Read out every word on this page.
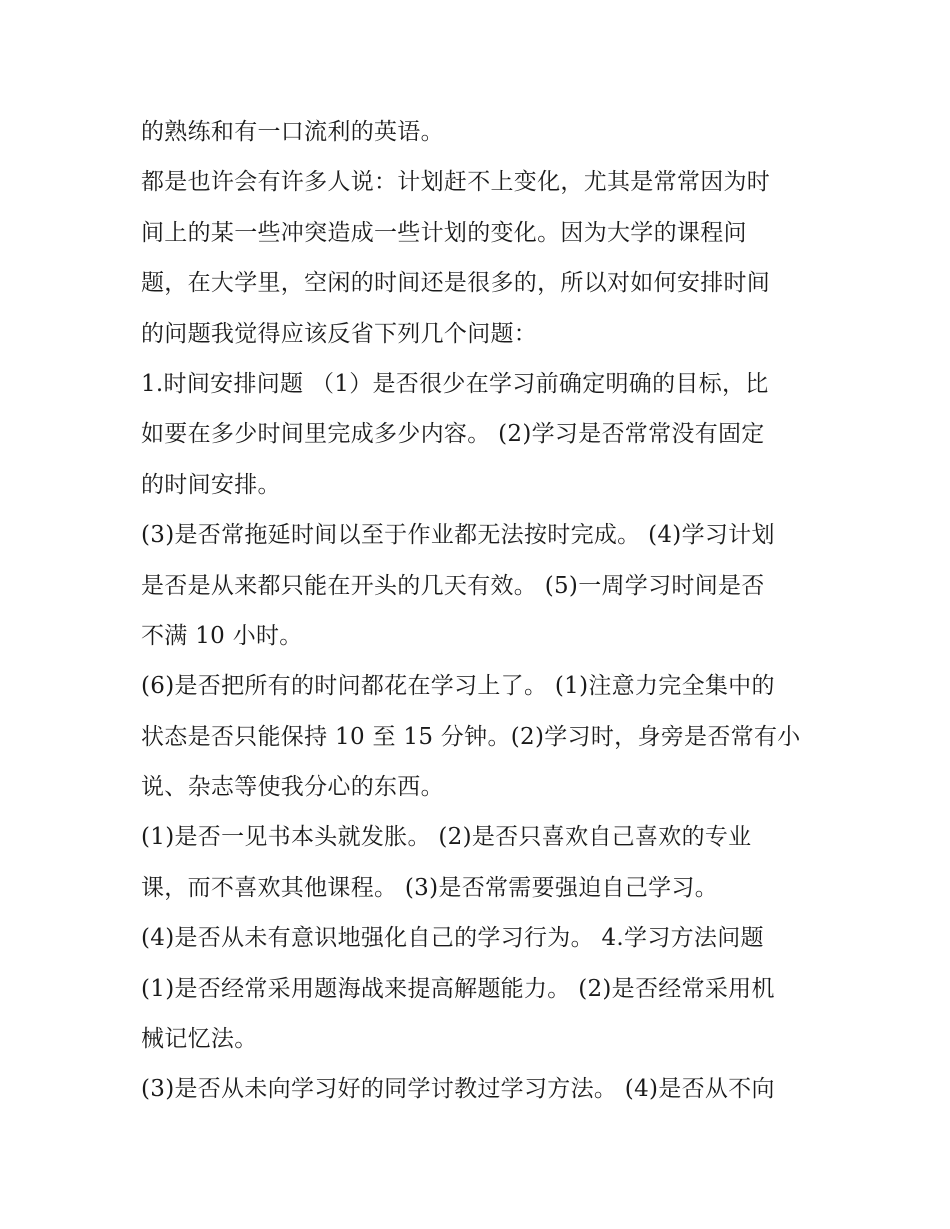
的熟练和有一口流利的英语。
都是也许会有许多人说：计划赶不上变化，尤其是常常因为时
间上的某一些冲突造成一些计划的变化。因为大学的课程问
题，在大学里，空闲的时间还是很多的，所以对如何安排时间
的问题我觉得应该反省下列几个问题：
1.时间安排问题 （1）是否很少在学习前确定明确的目标，比
如要在多少时间里完成多少内容。 (2)学习是否常常没有固定
的时间安排。
(3)是否常拖延时间以至于作业都无法按时完成。 (4)学习计划
是否是从来都只能在开头的几天有效。 (5)一周学习时间是否
不满 10 小时。
(6)是否把所有的时问都花在学习上了。 (1)注意力完全集中的
状态是否只能保持 10 至 15 分钟。(2)学习时，身旁是否常有小
说、杂志等使我分心的东西。
(1)是否一见书本头就发胀。 (2)是否只喜欢自己喜欢的专业
课，而不喜欢其他课程。 (3)是否常需要强迫自己学习。
(4)是否从未有意识地强化自己的学习行为。 4.学习方法问题
(1)是否经常采用题海战来提高解题能力。 (2)是否经常采用机
械记忆法。
(3)是否从未向学习好的同学讨教过学习方法。 (4)是否从不向
